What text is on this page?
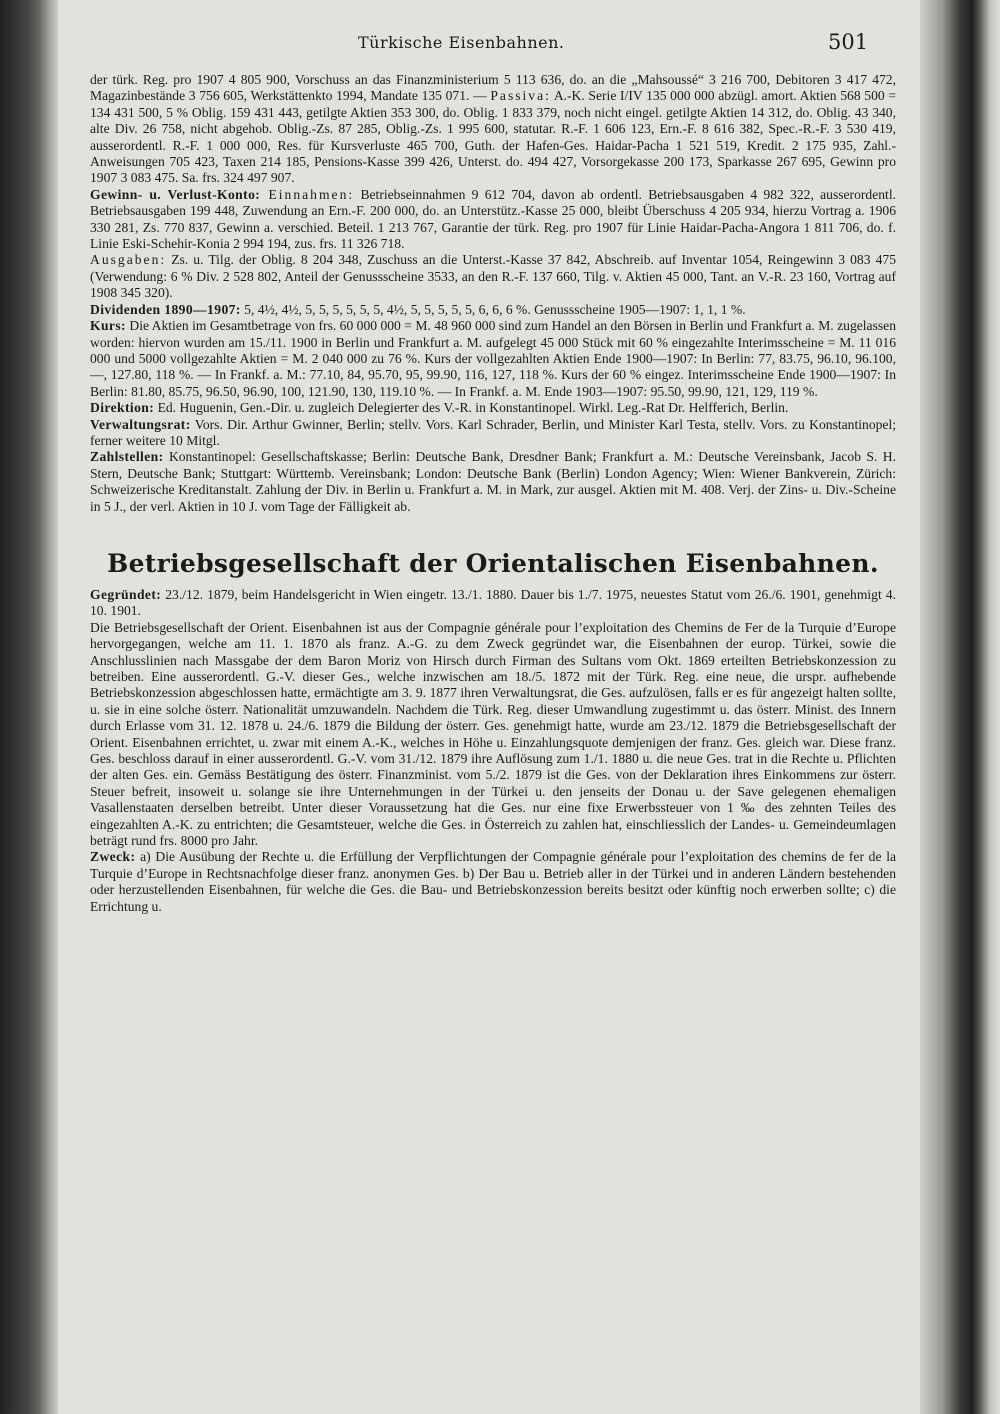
Türkische Eisenbahnen.	501

der türk. Reg. pro 1907 4 805 900, Vorschuss an das Finanzministerium 5 113 636, do. an die „Mahsoussé“ 3 216 700, Debitoren 3 417 472, Magazinbestände 3 756 605, Werkstättenkto 1994, Mandate 135 071. — Passiva: A.-K. Serie I/IV 135 000 000 abzügl. amort. Aktien 568 500 = 134 431 500, 5 % Oblig. 159 431 443, getilgte Aktien 353 300, do. Oblig. 1 833 379, noch nicht eingel. getilgte Aktien 14 312, do. Oblig. 43 340, alte Div. 26 758, nicht abgehob. Oblig.-Zs. 87 285, Oblig.-Zs. 1 995 600, statutar. R.-F. 1 606 123, Ern.-F. 8 616 382, Spec.-R.-F. 3 530 419, ausserordentl. R.-F. 1 000 000, Res. für Kursverluste 465 700, Guth. der Hafen-Ges. Haidar-Pacha 1 521 519, Kredit. 2 175 935, Zahl.-Anweisungen 705 423, Taxen 214 185, Pensions-Kasse 399 426, Unterst. do. 494 427, Vorsorgekasse 200 173, Sparkasse 267 695, Gewinn pro 1907 3 083 475. Sa. frs. 324 497 907.

Gewinn- u. Verlust-Konto: Einnahmen: Betriebseinnahmen 9 612 704, davon ab ordentl. Betriebsausgaben 4 982 322, ausserordentl. Betriebsausgaben 199 448, Zuwendung an Ern.-F. 200 000, do. an Unterstütz.-Kasse 25 000, bleibt Überschuss 4 205 934, hierzu Vortrag a. 1906 330 281, Zs. 770 837, Gewinn a. verschied. Beteil. 1 213 767, Garantie der türk. Reg. pro 1907 für Linie Haidar-Pacha-Angora 1 811 706, do. f. Linie Eski-Schehir-Konia 2 994 194, zus. frs. 11 326 718.

Ausgaben: Zs. u. Tilg. der Oblig. 8 204 348, Zuschuss an die Unterst.-Kasse 37 842, Abschreib. auf Inventar 1054, Reingewinn 3 083 475 (Verwendung: 6 % Div. 2 528 802, Anteil der Genussscheine 3533, an den R.-F. 137 660, Tilg. v. Aktien 45 000, Tant. an V.-R. 23 160, Vortrag auf 1908 345 320).

Dividenden 1890—1907: 5, 4½, 4½, 5, 5, 5, 5, 5, 5, 4½, 5, 5, 5, 5, 5, 6, 6, 6 %. Genussscheine 1905—1907: 1, 1, 1 %.

Kurs: Die Aktien im Gesamtbetrage von frs. 60 000 000 = M. 48 960 000 sind zum Handel an den Börsen in Berlin und Frankfurt a. M. zugelassen worden: hiervon wurden am 15./11. 1900 in Berlin und Frankfurt a. M. aufgelegt 45 000 Stück mit 60 % eingezahlte Interimsscheine = M. 11 016 000 und 5000 vollgezahlte Aktien = M. 2 040 000 zu 76 %. Kurs der vollgezahlten Aktien Ende 1900—1907: In Berlin: 77, 83.75, 96.10, 96.100, —, 127.80, 118 %. — In Frankf. a. M.: 77.10, 84, 95.70, 95, 99.90, 116, 127, 118 %. Kurs der 60 % eingez. Interimsscheine Ende 1900—1907: In Berlin: 81.80, 85.75, 96.50, 96.90, 100, 121.90, 130, 119.10 %. — In Frankf. a. M. Ende 1903—1907: 95.50, 99.90, 121, 129, 119 %.

Direktion: Ed. Huguenin, Gen.-Dir. u. zugleich Delegierter des V.-R. in Konstantinopel. Wirkl. Leg.-Rat Dr. Helfferich, Berlin.

Verwaltungsrat: Vors. Dir. Arthur Gwinner, Berlin; stellv. Vors. Karl Schrader, Berlin, und Minister Karl Testa, stellv. Vors. zu Konstantinopel; ferner weitere 10 Mitgl.

Zahlstellen: Konstantinopel: Gesellschaftskasse; Berlin: Deutsche Bank, Dresdner Bank; Frankfurt a. M.: Deutsche Vereinsbank, Jacob S. H. Stern, Deutsche Bank; Stuttgart: Württemb. Vereinsbank; London: Deutsche Bank (Berlin) London Agency; Wien: Wiener Bankverein, Zürich: Schweizerische Kreditanstalt. Zahlung der Div. in Berlin u. Frankfurt a. M. in Mark, zur ausgel. Aktien mit M. 408. Verj. der Zins- u. Div.-Scheine in 5 J., der verl. Aktien in 10 J. vom Tage der Fälligkeit ab.

Betriebsgesellschaft der Orientalischen Eisenbahnen.

Gegründet: 23./12. 1879, beim Handelsgericht in Wien eingetr. 13./1. 1880. Dauer bis 1./7. 1975, neuestes Statut vom 26./6. 1901, genehmigt 4. 10. 1901.

Die Betriebsgesellschaft der Orient. Eisenbahnen ist aus der Compagnie générale pour l’exploitation des Chemins de Fer de la Turquie d’Europe hervorgegangen, welche am 11. 1. 1870 als franz. A.-G. zu dem Zweck gegründet war, die Eisenbahnen der europ. Türkei, sowie die Anschlusslinien nach Massgabe der dem Baron Moriz von Hirsch durch Firman des Sultans vom Okt. 1869 erteilten Betriebskonzession zu betreiben. Eine ausserordentl. G.-V. dieser Ges., welche inzwischen am 18./5. 1872 mit der Türk. Reg. eine neue, die urspr. aufhebende Betriebskonzession abgeschlossen hatte, ermächtigte am 3. 9. 1877 ihren Verwaltungsrat, die Ges. aufzulösen, falls er es für angezeigt halten sollte, u. sie in eine solche österr. Nationalität umzuwandeln. Nachdem die Türk. Reg. dieser Umwandlung zugestimmt u. das österr. Minist. des Innern durch Erlasse vom 31. 12. 1878 u. 24./6. 1879 die Bildung der österr. Ges. genehmigt hatte, wurde am 23./12. 1879 die Betriebsgesellschaft der Orient. Eisenbahnen errichtet, u. zwar mit einem A.-K., welches in Höhe u. Einzahlungsquote demjenigen der franz. Ges. gleich war. Diese franz. Ges. beschloss darauf in einer ausserordentl. G.-V. vom 31./12. 1879 ihre Auflösung zum 1./1. 1880 u. die neue Ges. trat in die Rechte u. Pflichten der alten Ges. ein. Gemäss Bestätigung des österr. Finanzminist. vom 5./2. 1879 ist die Ges. von der Deklaration ihres Einkommens zur österr. Steuer befreit, insoweit u. solange sie ihre Unternehmungen in der Türkei u. den jenseits der Donau u. der Save gelegenen ehemaligen Vasallenstaaten derselben betreibt. Unter dieser Voraussetzung hat die Ges. nur eine fixe Erwerbssteuer von 1 ‰ des zehnten Teiles des eingezahlten A.-K. zu entrichten; die Gesamtsteuer, welche die Ges. in Österreich zu zahlen hat, einschliesslich der Landes- u. Gemeindeumlagen beträgt rund frs. 8000 pro Jahr.

Zweck: a) Die Ausübung der Rechte u. die Erfüllung der Verpflichtungen der Compagnie générale pour l’exploitation des chemins de fer de la Turquie d’Europe in Rechtsnachfolge dieser franz. anonymen Ges. b) Der Bau u. Betrieb aller in der Türkei und in anderen Ländern bestehenden oder herzustellenden Eisenbahnen, für welche die Ges. die Bau- und Betriebskonzession bereits besitzt oder künftig noch erwerben sollte; c) die Errichtung u.
